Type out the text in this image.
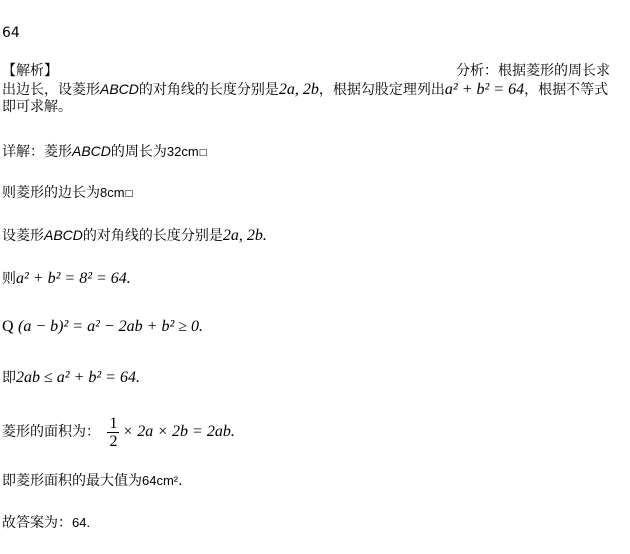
64
【解析】	分析：根据菱形的周长求
出边长，设菱形ABCD的对角线的长度分别是2a, 2b，根据勾股定理列出a² + b² = 64，根据不等式
即可求解。
详解：菱形ABCD的周长为32cm□
则菱形的边长为8cm□
设菱形ABCD的对角线的长度分别是2a, 2b.
则a² + b² = 8² = 64.
Q (a − b)² = a² − 2ab + b² ≥ 0.
即2ab ≤ a² + b² = 64.
菱形的面积为： $\frac{1}{2} \times 2a \times 2b = 2ab$.
即菱形面积的最大值为64cm².
故答案为：64.
